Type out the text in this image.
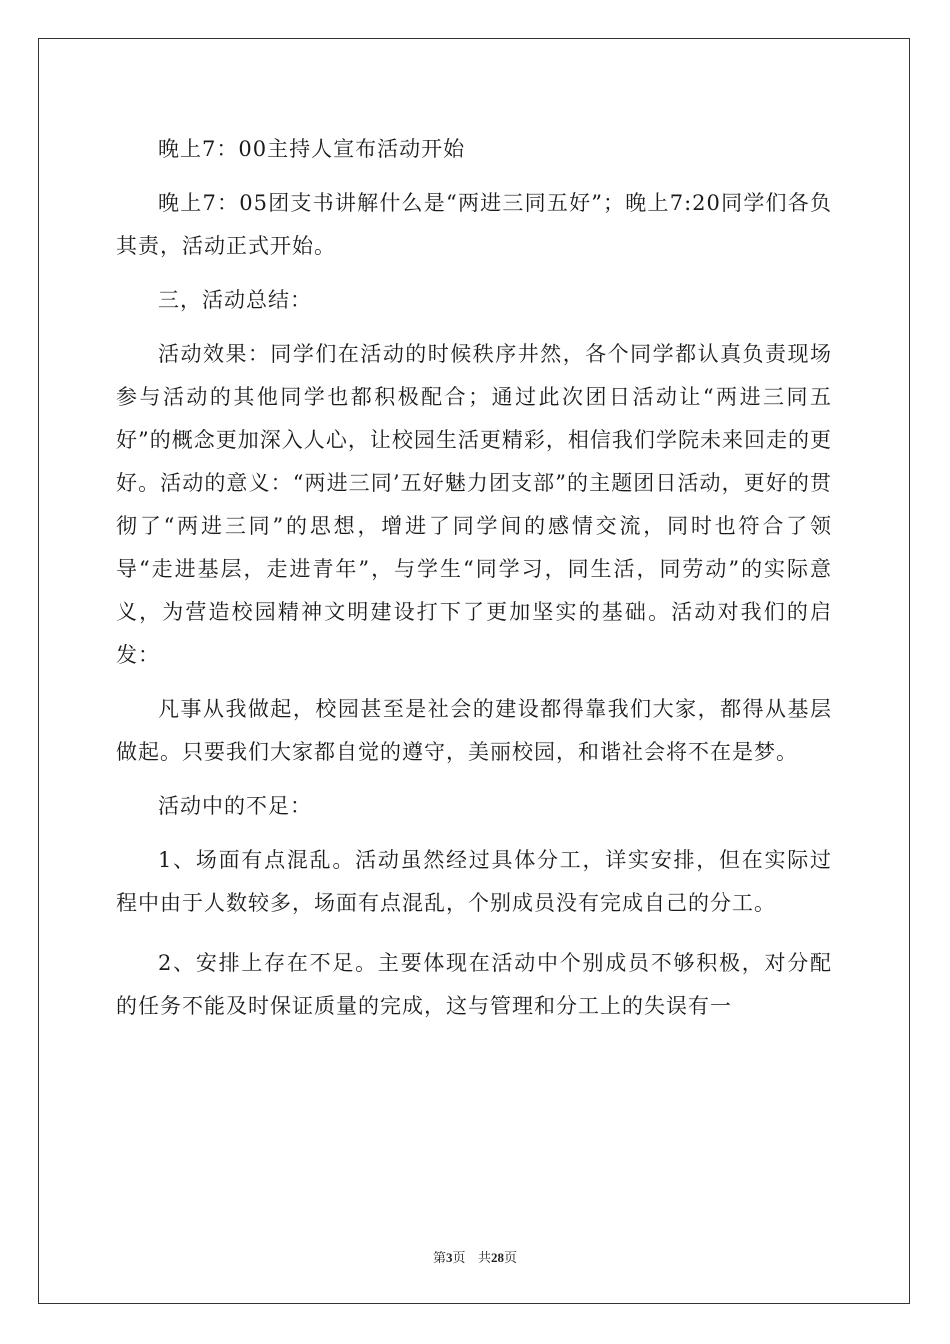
晚上7：00主持人宣布活动开始

晚上7：05团支书讲解什么是“两进三同五好”；晚上7:20同学们各负其责，活动正式开始。

三，活动总结：

活动效果：同学们在活动的时候秩序井然，各个同学都认真负责现场参与活动的其他同学也都积极配合；通过此次团日活动让“两进三同五好”的概念更加深入人心，让校园生活更精彩，相信我们学院未来回走的更好。活动的意义：“两进三同’五好魅力团支部”的主题团日活动，更好的贯彻了“两进三同”的思想，增进了同学间的感情交流，同时也符合了领导“走进基层，走进青年”，与学生“同学习，同生活，同劳动”的实际意义，为营造校园精神文明建设打下了更加坚实的基础。活动对我们的启发：

凡事从我做起，校园甚至是社会的建设都得靠我们大家，都得从基层做起。只要我们大家都自觉的遵守，美丽校园，和谐社会将不在是梦。

活动中的不足：

1、场面有点混乱。活动虽然经过具体分工，详实安排，但在实际过程中由于人数较多，场面有点混乱，个别成员没有完成自己的分工。

2、安排上存在不足。主要体现在活动中个别成员不够积极，对分配的任务不能及时保证质量的完成，这与管理和分工上的失误有一

第3页 共28页
